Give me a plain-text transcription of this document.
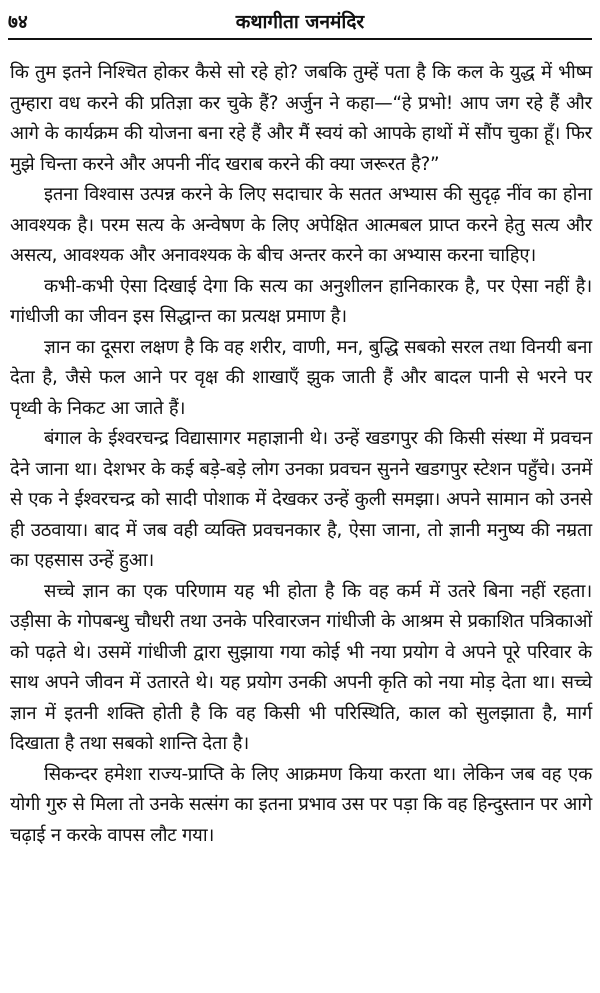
७४	कथागीता जनमंदिर

कि तुम इतने निश्चित होकर कैसे सो रहे हो? जबकि तुम्हें पता है कि कल के युद्ध में भीष्म तुम्हारा वध करने की प्रतिज्ञा कर चुके हैं? अर्जुन ने कहा—“हे प्रभो! आप जग रहे हैं और आगे के कार्यक्रम की योजना बना रहे हैं और मैं स्वयं को आपके हाथों में सौंप चुका हूँ। फिर मुझे चिन्ता करने और अपनी नींद खराब करने की क्या जरूरत है?”

इतना विश्वास उत्पन्न करने के लिए सदाचार के सतत अभ्यास की सुदृढ़ नींव का होना आवश्यक है। परम सत्य के अन्वेषण के लिए अपेक्षित आत्मबल प्राप्त करने हेतु सत्य और असत्य, आवश्यक और अनावश्यक के बीच अन्तर करने का अभ्यास करना चाहिए।

कभी-कभी ऐसा दिखाई देगा कि सत्य का अनुशीलन हानिकारक है, पर ऐसा नहीं है। गांधीजी का जीवन इस सिद्धान्त का प्रत्यक्ष प्रमाण है।

ज्ञान का दूसरा लक्षण है कि वह शरीर, वाणी, मन, बुद्धि सबको सरल तथा विनयी बना देता है, जैसे फल आने पर वृक्ष की शाखाएँ झुक जाती हैं और बादल पानी से भरने पर पृथ्वी के निकट आ जाते हैं।

बंगाल के ईश्वरचन्द्र विद्यासागर महाज्ञानी थे। उन्हें खडगपुर की किसी संस्था में प्रवचन देने जाना था। देशभर के कई बड़े-बड़े लोग उनका प्रवचन सुनने खडगपुर स्टेशन पहुँचे। उनमें से एक ने ईश्वरचन्द्र को सादी पोशाक में देखकर उन्हें कुली समझा। अपने सामान को उनसे ही उठवाया। बाद में जब वही व्यक्ति प्रवचनकार है, ऐसा जाना, तो ज्ञानी मनुष्य की नम्रता का एहसास उन्हें हुआ।

सच्चे ज्ञान का एक परिणाम यह भी होता है कि वह कर्म में उतरे बिना नहीं रहता। उड़ीसा के गोपबन्धु चौधरी तथा उनके परिवारजन गांधीजी के आश्रम से प्रकाशित पत्रिकाओं को पढ़ते थे। उसमें गांधीजी द्वारा सुझाया गया कोई भी नया प्रयोग वे अपने पूरे परिवार के साथ अपने जीवन में उतारते थे। यह प्रयोग उनकी अपनी कृति को नया मोड़ देता था। सच्चे ज्ञान में इतनी शक्ति होती है कि वह किसी भी परिस्थिति, काल को सुलझाता है, मार्ग दिखाता है तथा सबको शान्ति देता है।

सिकन्दर हमेशा राज्य-प्राप्ति के लिए आक्रमण किया करता था। लेकिन जब वह एक योगी गुरु से मिला तो उनके सत्संग का इतना प्रभाव उस पर पड़ा कि वह हिन्दुस्तान पर आगे चढ़ाई न करके वापस लौट गया।
